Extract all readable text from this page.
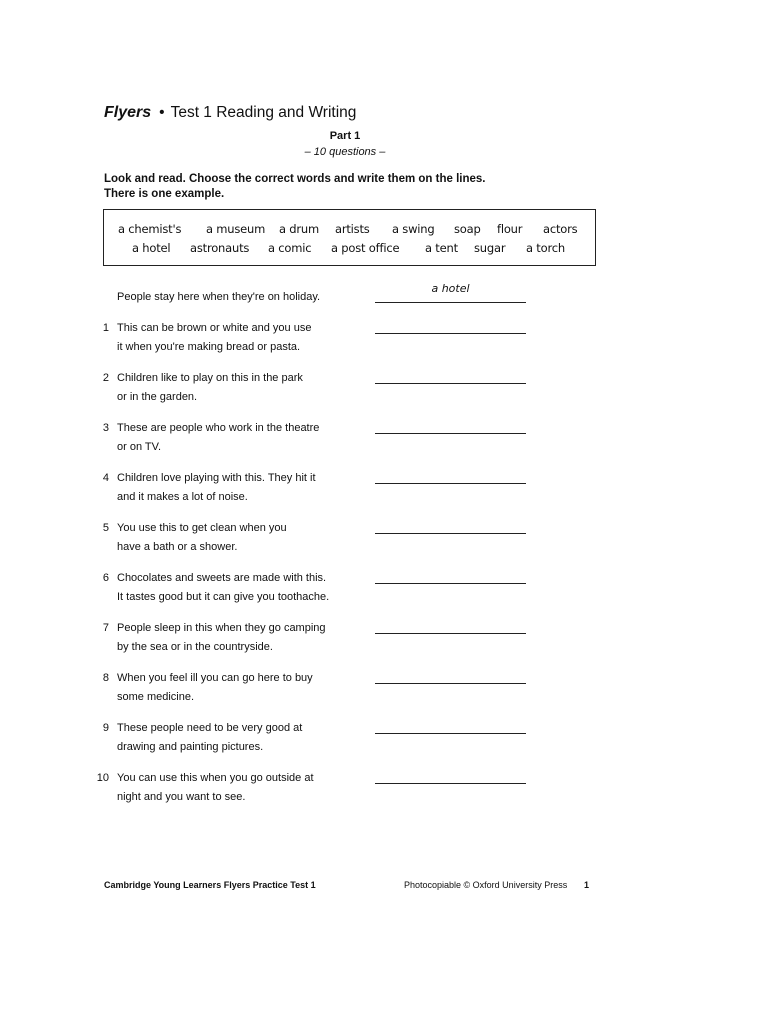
Flyers • Test 1 Reading and Writing
Part 1
– 10 questions –
Look and read. Choose the correct words and write them on the lines.
There is one example.
a chemist's a museum a drum artists a swing soap flour actors
a hotel astronauts a comic a post office a tent sugar a torch
People stay here when they're on holiday.
a hotel
1 This can be brown or white and you use
it when you're making bread or pasta.
2 Children like to play on this in the park
or in the garden.
3 These are people who work in the theatre
or on TV.
4 Children love playing with this. They hit it
and it makes a lot of noise.
5 You use this to get clean when you
have a bath or a shower.
6 Chocolates and sweets are made with this.
It tastes good but it can give you toothache.
7 People sleep in this when they go camping
by the sea or in the countryside.
8 When you feel ill you can go here to buy
some medicine.
9 These people need to be very good at
drawing and painting pictures.
10 You can use this when you go outside at
night and you want to see.
Cambridge Young Learners Flyers Practice Test 1	Photocopiable © Oxford University Press 1
